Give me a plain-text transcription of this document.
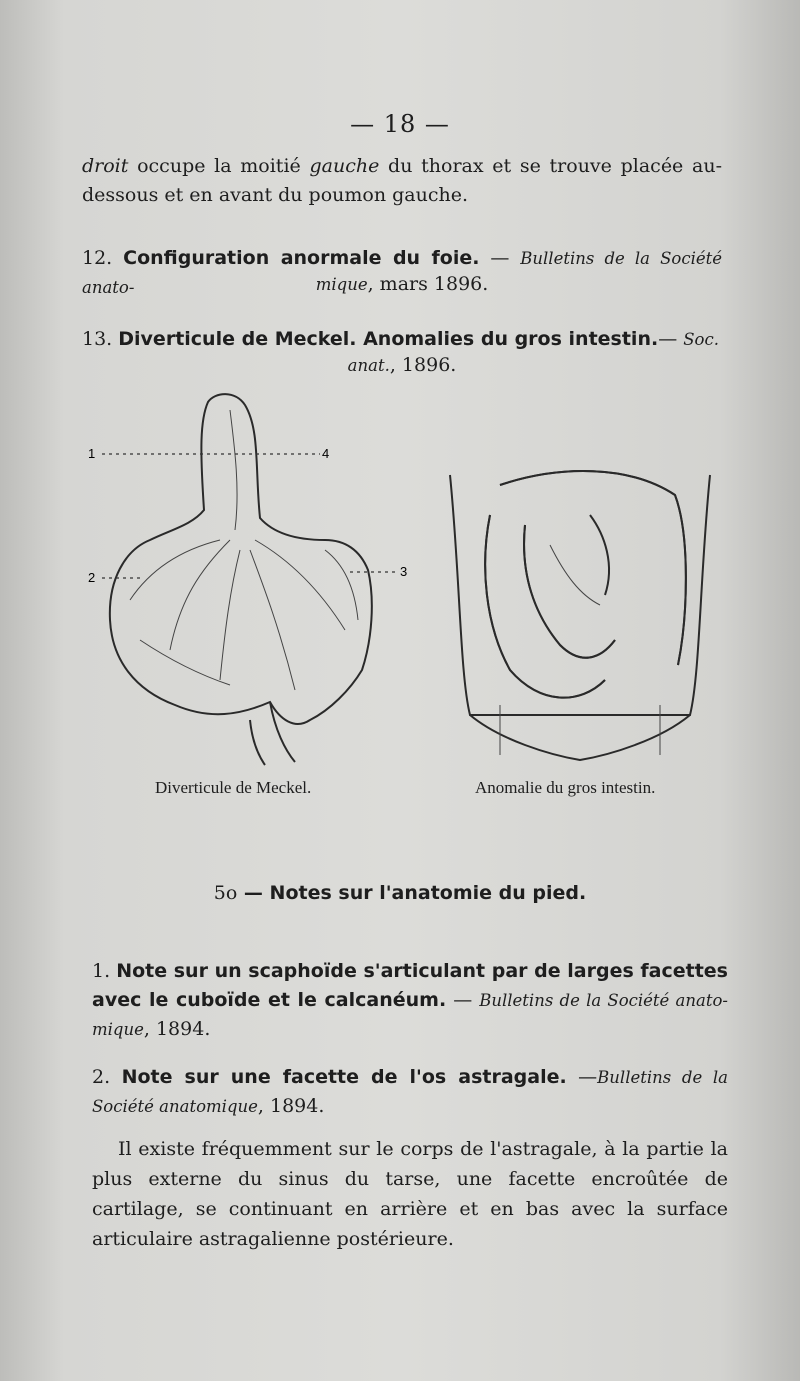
— 18 —
droit occupe la moitié gauche du thorax et se trouve placée au-dessous et en avant du poumon gauche.
12. Configuration anormale du foie. — Bulletins de la Société anato-	mique, mars 1896.
13. Diverticule de Meckel. Anomalies du gros intestin.— Soc.
anat., 1896.
1
2	3
4
Diverticule de Meckel.	Anomalie du gros intestin.
5o — Notes sur l'anatomie du pied.
1. Note sur un scaphoïde s'articulant par de larges facettes avec le cuboïde et le calcanéum. — Bulletins de la Société anato-mique, 1894.
2. Note sur une facette de l'os astragale. —Bulletins de la Société anatomique, 1894.
Il existe fréquemment sur le corps de l'astragale, à la partie la plus externe du sinus du tarse, une facette encroûtée de cartilage, se continuant en arrière et en bas avec la surface articulaire astragalienne postérieure.
